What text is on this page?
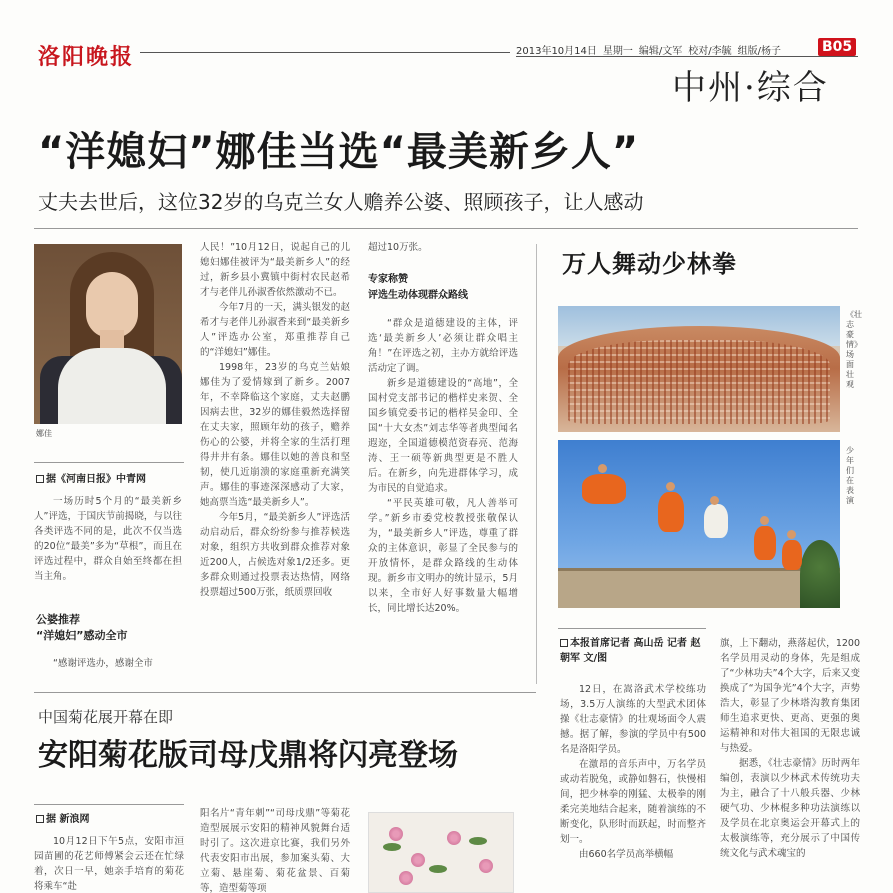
洛阳晚报	2013年10月14日 星期一 编辑/文军 校对/李毓 组版/杨子	B05
中州·综合
“洋媳妇”娜佳当选“最美新乡人”
丈夫去世后，这位32岁的乌克兰女人赡养公婆、照顾孩子，让人感动
娜佳
据《河南日报》中青网

一场历时5个月的“最美新乡人”评选，于国庆节前揭晓，与以往各类评选不同的是，此次不仅当选的20位“最美”多为“草根”，而且在评选过程中，群众自始至终都在担当主角。

公婆推荐
“洋媳妇”感动全市

“感谢评选办，感谢全市

人民！”10月12日，说起自己的儿媳妇娜佳被评为“最美新乡人”的经过，新乡县小冀镇中街村农民赵希才与老伴儿孙淑香依然激动不已。

今年7月的一天，满头银发的赵希才与老伴儿孙淑香来到“最美新乡人”评选办公室，郑重推荐自己的“洋媳妇”娜佳。

1998年，23岁的乌克兰姑娘娜佳为了爱情嫁到了新乡。2007年，不幸降临这个家庭，丈夫赵鹏因病去世，32岁的娜佳毅然选择留在丈夫家，照顾年幼的孩子，赡养伤心的公婆，并将全家的生活打理得井井有条。娜佳以她的善良和坚韧，使几近崩溃的家庭重新充满笑声。娜佳的事迹深深感动了大家，她高票当选“最美新乡人”。

今年5月，“最美新乡人”评选活动启动后，群众纷纷参与推荐候选对象，组织方共收到群众推荐对象近200人，占候选对象1/2还多。更多群众则通过投票表达热情，网络投票超过500万张，纸质票回收

超过10万张。

专家称赞
评选生动体现群众路线

“群众是道德建设的主体，评选‘最美新乡人’必须让群众唱主角！”在评选之初，主办方就给评选活动定了调。

新乡是道德建设的“高地”，全国村党支部书记的楷样史来贺、全国乡镇党委书记的楷样吴金印、全国“十大女杰”刘志华等者典型闻名遐迩，全国道德模范资春亮、范海涛、王一硕等新典型更是不胜人后。在新乡，向先进群体学习，成为市民的自觉追求。

“平民英雄可敬，凡人善举可学。”新乡市委党校教授张敬保认为，“最美新乡人”评选，尊重了群众的主体意识，彰显了全民参与的开放情怀，是群众路线的生动体现。新乡市文明办的统计显示，5月以来，全市好人好事数量大幅增长，同比增长达20%。

万人舞动少林拳
《壮志豪情》场面壮观
少年们在表演
本报首席记者 高山岳 记者 赵朝军 文/图

12日，在嵩洛武术学校练功场，3.5万人演练的大型武术团体操《壮志豪情》的壮观场面令人震撼。据了解，参演的学员中有500名是洛阳学员。

在激昂的音乐声中，万名学员或动若脱兔，或静如磐石，快慢相间，把少林拳的刚猛、太极拳的刚柔完美地结合起来，随着演练的不断变化，队形时而跃起，时而整齐划一。

由660名学员高举横幅

旗，上下翻动，燕落起伏，1200名学员用灵动的身体，先是组成了“少林功夫”4个大字，后来又变换成了“为国争光”4个大字，声势浩大，彰显了少林塔沟教育集团师生追求更快、更高、更强的奥运精神和对伟大祖国的无限忠诚与热爱。

据悉，《壮志豪情》历时两年编创，表演以少林武术传统功夫为主，融合了十八般兵器、少林硬气功、少林棍多种功法演练以及学员在北京奥运会开幕式上的太极演练等，充分展示了中国传统文化与武术魂宝的

中国菊花展开幕在即
安阳菊花版司母戊鼎将闪亮登场
据 新浪网

10月12日下午5点，安阳市洹园苗圃的花艺师傅紧会云还在忙绿着，次日一早，她亲手培育的菊花将乘车“赴

阳名片“青年刺”“司母戊鼎”等菊花造型展展示安阳的精神风貌舞台适时引了。这次进京比赛，我们另外代表安阳市出展，参加案头菊、大立菊、悬崖菊、菊花盆景、百菊等，造型菊等项
